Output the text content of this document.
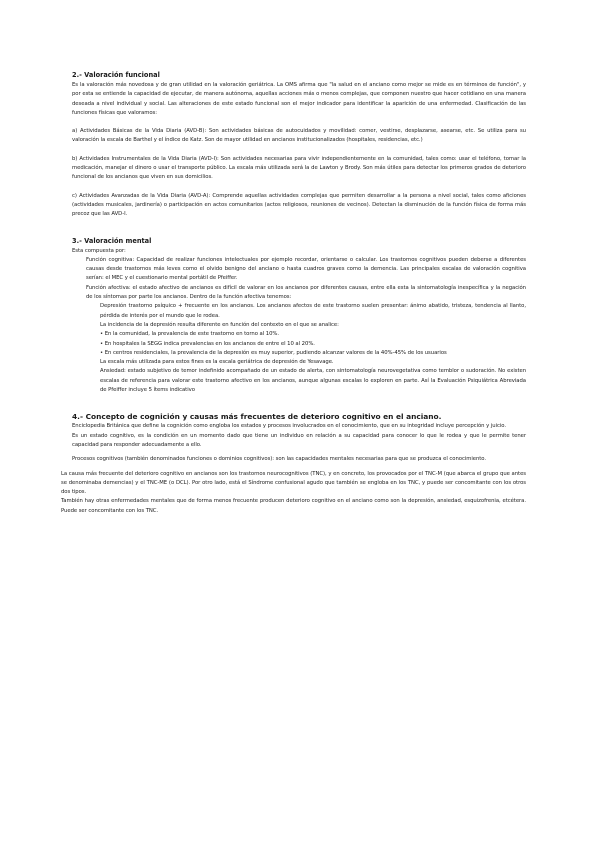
2.- Valoración funcional

Es la valoración más novedosa y de gran utilidad en la valoración geriátrica. La OMS afirma que "la salud en el anciano como mejor se mide es en términos de función", y por esta se entiende la capacidad de ejecutar, de manera autónoma, aquellas acciones más o menos complejas, que componen nuestro que hacer cotidiano en una manera deseada a nivel individual y social. Las alteraciones de este estado funcional son el mejor indicador para identificar la aparición de una enfermedad. Clasificación de las funciones físicas que valoramos:

a) Actividades Básicas de la Vida Diaria (AVD-B): Son actividades básicas de autocuidados y movilidad: comer, vestirse, desplazarse, asearse, etc. Se utiliza para su valoración la escala de Barthel y el índice de Katz. Son de mayor utilidad en ancianos institucionalizados (hospitales, residencias, etc.)

b) Actividades Instrumentales de la Vida Diaria (AVD-I): Son actividades necesarias para vivir independientemente en la comunidad, tales como: usar el teléfono, tomar la medicación, manejar el dinero o usar el transporte público. La escala más utilizada será la de Lawton y Brody. Son más útiles para detectar los primeros grados de deterioro funcional de los ancianos que viven en sus domicilios.

c) Actividades Avanzadas de la Vida Diaria (AVD-A): Comprende aquellas actividades complejas que permiten desarrollar a la persona a nivel social, tales como aficiones (actividades musicales, jardinería) o participación en actos comunitarios (actos religiosos, reuniones de vecinos). Detectan la disminución de la función física de forma más precoz que las AVD-I.

3.- Valoración mental

Esta compuesta por:

Función cognitiva: Capacidad de realizar funciones intelectuales por ejemplo recordar, orientarse o calcular. Los trastornos cognitivos pueden deberse a diferentes causas desde trastornos más leves como el olvido benigno del anciano o hasta cuadros graves como la demencia. Las principales escalas de valoración cognitiva serían: el MEC y el cuestionario mental portátil de Pfeiffer.

Función afectiva: el estado afectivo de ancianos es difícil de valorar en los ancianos por diferentes causas, entre ella esta la sintomatología inespecífica y la negación de los síntomas por parte los ancianos. Dentro de la función afectiva tenemos:

Depresión trastorno psíquico + frecuente en los ancianos. Los ancianos afectos de este trastorno suelen presentar: ánimo abatido, tristeza, tendencia al llanto, pérdida de interés por el mundo que le rodea.

La incidencia de la depresión resulta diferente en función del contexto en el que se analice:

• En la comunidad, la prevalencia de este trastorno en torno al 10%.

• En hospitales la SEGG indica prevalencias en los ancianos de entre el 10 al 20%.

• En centros residenciales, la prevalencia de la depresión es muy superior, pudiendo alcanzar valores de la 40%-45% de los usuarios

La escala más utilizada para estos fines es la escala geriátrica de depresión de Yesavage.

Ansiedad: estado subjetivo de temor indefinido acompañado de un estado de alerta, con sintomatología neurovegetativa como temblor o sudoración. No existen escalas de referencia para valorar este trastorno afectivo en los ancianos, aunque algunas escalas lo exploren en parte. Así la Evaluación Psiquiátrica Abreviada de Pfeiffer incluye 5 ítems indicativo

4.- Concepto de cognición y causas más frecuentes de deterioro cognitivo en el anciano.

Enciclopedia Británica que define la cognición como engloba los estados y procesos involucrados en el conocimiento, que en su integridad incluye percepción y juicio.

Es un estado cognitivo, es la condición en un momento dado que tiene un individuo en relación a su capacidad para conocer lo que le rodea y que le permite tener capacidad para responder adecuadamente a ello.

Procesos cognitivos (también denominados funciones o dominios cognitivos): son las capacidades mentales necesarias para que se produzca el conocimiento.

La causa más frecuente del deterioro cognitivo en ancianos son los trastornos neurocognitivos (TNC), y en concreto, los provocados por el TNC-M (que abarca el grupo que antes se denominaba demencias) y el TNC-ME (o DCL). Por otro lado, está el Síndrome confusional agudo que también se engloba en los TNC, y puede ser concomitante con los otros dos tipos.

También hay otras enfermedades mentales que de forma menos frecuente producen deterioro cognitivo en el anciano como son la depresión, ansiedad, esquizofrenia, etcétera. Puede ser concomitante con los TNC.
